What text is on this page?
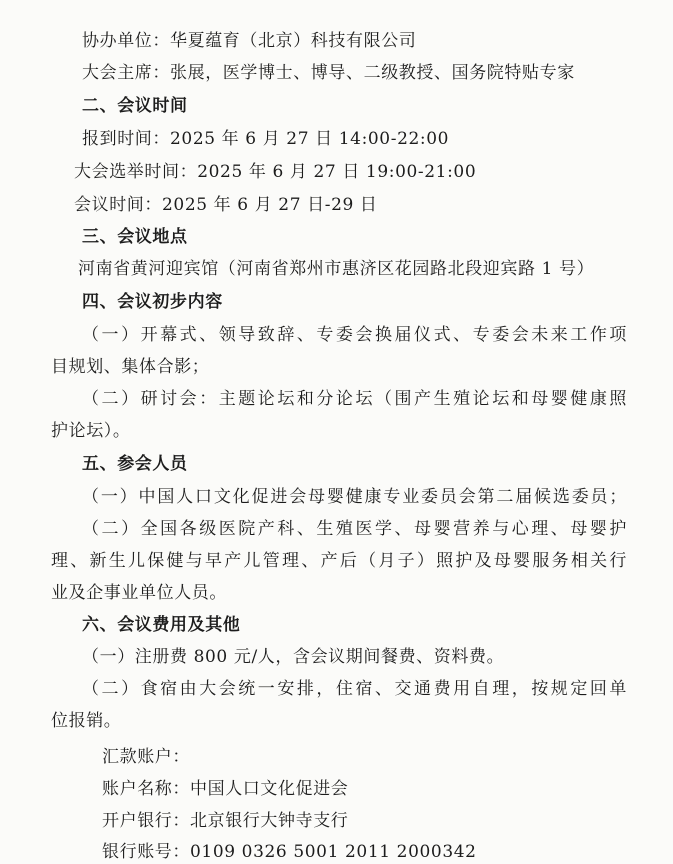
协办单位：华夏蕴育（北京）科技有限公司

大会主席：张展，医学博士、博导、二级教授、国务院特贴专家

二、会议时间

报到时间：2025 年 6 月 27 日 14:00-22:00

大会选举时间：2025 年 6 月 27 日 19:00-21:00

会议时间：2025 年 6 月 27 日-29 日

三、会议地点

河南省黄河迎宾馆（河南省郑州市惠济区花园路北段迎宾路 1 号）

四、会议初步内容

（一）开幕式、领导致辞、专委会换届仪式、专委会未来工作项

目规划、集体合影；

（二）研讨会：主题论坛和分论坛（围产生殖论坛和母婴健康照

护论坛）。

五、参会人员

（一）中国人口文化促进会母婴健康专业委员会第二届候选委员；

（二）全国各级医院产科、生殖医学、母婴营养与心理、母婴护

理、新生儿保健与早产儿管理、产后（月子）照护及母婴服务相关行

业及企事业单位人员。

六、会议费用及其他

（一）注册费 800 元/人，含会议期间餐费、资料费。

（二）食宿由大会统一安排，住宿、交通费用自理，按规定回单

位报销。

汇款账户：

账户名称：中国人口文化促进会

开户银行：北京银行大钟寺支行

银行账号：0109 0326 5001 2011 2000342
